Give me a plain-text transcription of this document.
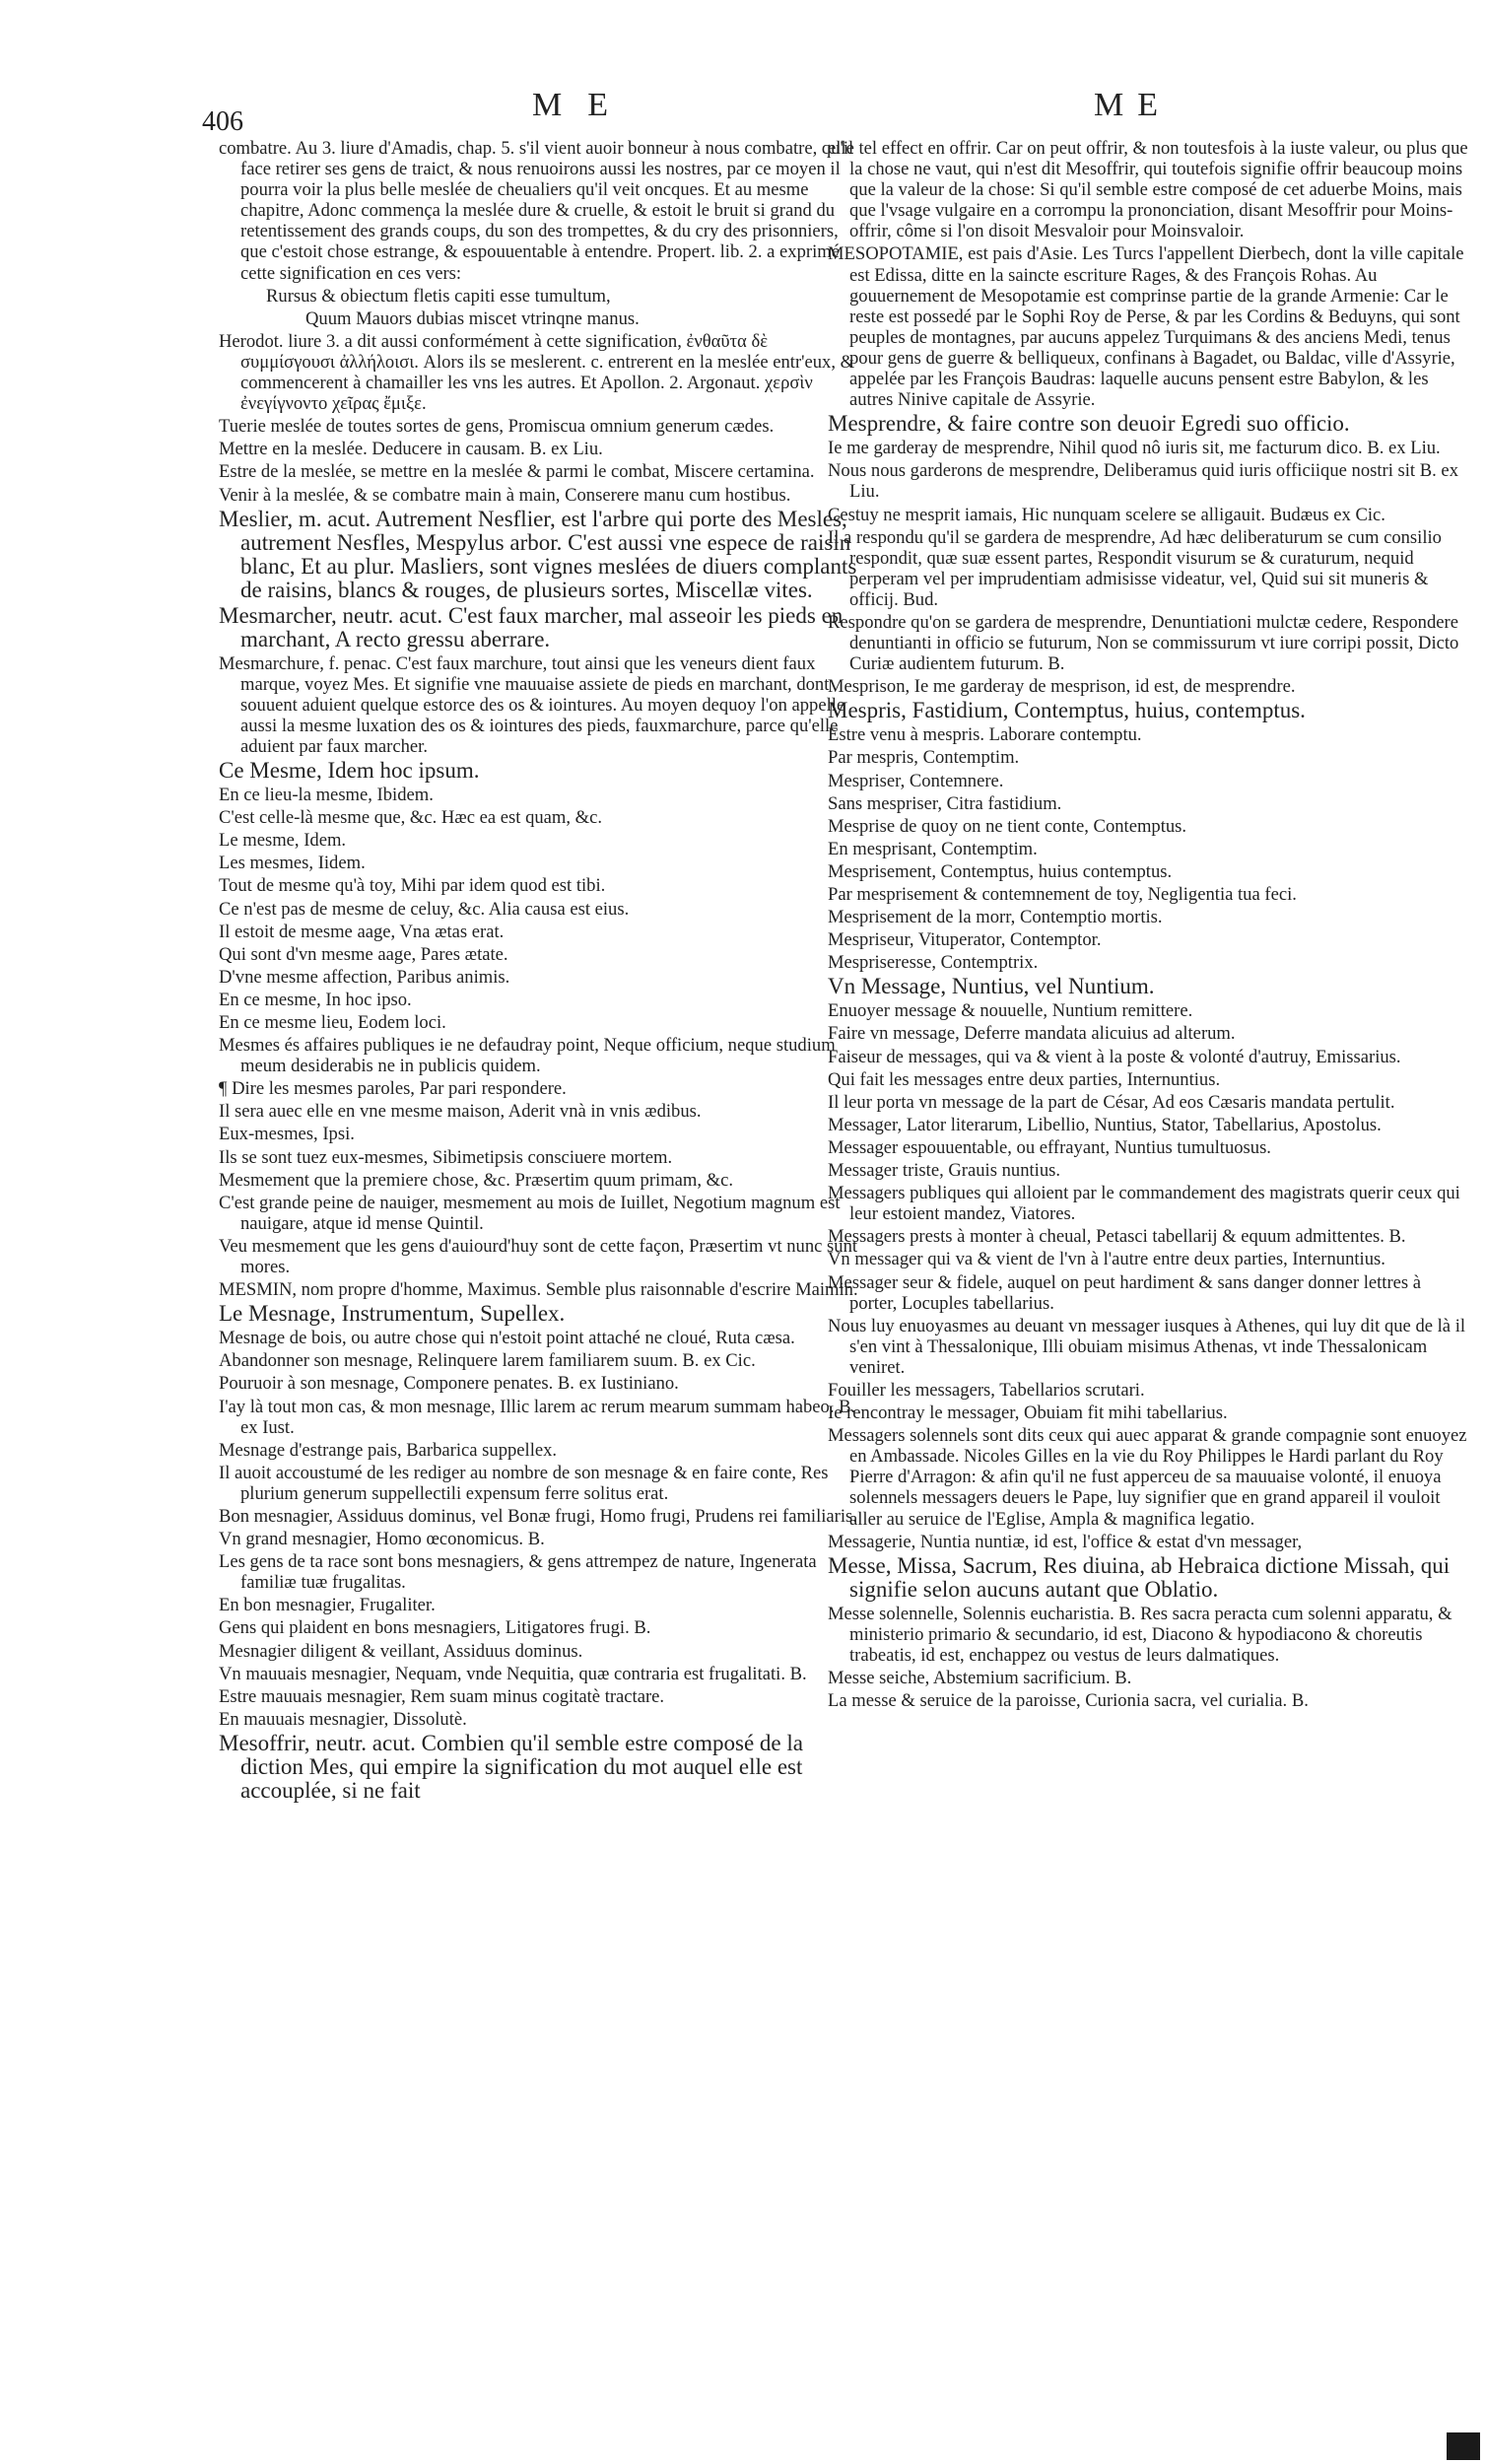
406	ME	ME

combatre. Au 3. liure d'Amadis, chap. 5. s'il vient auoir bonneur à nous combatre, qu'il face retirer ses gens de traict, & nous renuoirons aussi les nostres, par ce moyen il pourra voir la plus belle meslée de cheualiers qu'il veit oncques. Et au mesme chapitre, Adonc commença la meslée dure & cruelle, & estoit le bruit si grand du retentissement des grands coups, du son des trompettes, & du cry des prisonniers, que c'estoit chose estrange, & espouuentable à entendre. Propert. lib. 2. a exprimé cette signification en ces vers:

Rursus & obiectum fletis capiti esse tumultum,

Quum Mauors dubias miscet vtrinqne manus.

Herodot. liure 3. a dit aussi conformément à cette signification, ἐνθαῦτα δὲ συμμίσγουσι ἀλλήλοισι. Alors ils se meslerent. c. entrerent en la meslée entr'eux, & commencerent à chamailler les vns les autres. Et Apollon. 2. Argonaut. χερσὶν ἐνεγίγνοντο χεῖρας ἔμιξε.

Tuerie meslée de toutes sortes de gens, Promiscua omnium generum cædes.

Mettre en la meslée. Deducere in causam. B. ex Liu.

Estre de la meslée, se mettre en la meslée & parmi le combat, Miscere certamina.

Venir à la meslée, & se combatre main à main, Conserere manu cum hostibus.

Meslier, m. acut. Autrement Nesflier, est l'arbre qui porte des Mesles, autrement Nesfles, Mespylus arbor. C'est aussi vne espece de raisin blanc, Et au plur. Masliers, sont vignes meslées de diuers complants de raisins, blancs & rouges, de plusieurs sortes, Miscellæ vites.

Mesmarcher, neutr. acut. C'est faux marcher, mal asseoir les pieds en marchant, A recto gressu aberrare.

Mesmarchure, f. penac. C'est faux marchure, tout ainsi que les veneurs dient faux marque, voyez Mes. Et signifie vne mauuaise assiete de pieds en marchant, dont souuent aduient quelque estorce des os & iointures. Au moyen dequoy l'on appelle aussi la mesme luxation des os & iointures des pieds, fauxmarchure, parce qu'elle aduient par faux marcher.

Ce Mesme, Idem hoc ipsum.

En ce lieu-la mesme, Ibidem.

C'est celle-là mesme que, &c. Hæc ea est quam, &c.

Le mesme, Idem.

Les mesmes, Iidem.

Tout de mesme qu'à toy, Mihi par idem quod est tibi.

Ce n'est pas de mesme de celuy, &c. Alia causa est eius.

Il estoit de mesme aage, Vna ætas erat.

Qui sont d'vn mesme aage, Pares ætate.

D'vne mesme affection, Paribus animis.

En ce mesme, In hoc ipso.

En ce mesme lieu, Eodem loci.

Mesmes és affaires publiques ie ne defaudray point, Neque officium, neque studium meum desiderabis ne in publicis quidem.

¶ Dire les mesmes paroles, Par pari respondere.

Il sera auec elle en vne mesme maison, Aderit vnà in vnis ædibus.

Eux-mesmes, Ipsi.

Ils se sont tuez eux-mesmes, Sibimetipsis consciuere mortem.

Mesmement que la premiere chose, &c. Præsertim quum primam, &c.

C'est grande peine de nauiger, mesmement au mois de Iuillet, Negotium magnum est nauigare, atque id mense Quintil.

Veu mesmement que les gens d'auiourd'huy sont de cette façon, Præsertim vt nunc sunt mores.

MESMIN, nom propre d'homme, Maximus. Semble plus raisonnable d'escrire Maimin.

Le Mesnage, Instrumentum, Supellex.

Mesnage de bois, ou autre chose qui n'estoit point attaché ne cloué, Ruta cæsa.

Abandonner son mesnage, Relinquere larem familiarem suum. B. ex Cic.

Pouruoir à son mesnage, Componere penates. B. ex Iustiniano.

I'ay là tout mon cas, & mon mesnage, Illic larem ac rerum mearum summam habeo. B. ex Iust.

Mesnage d'estrange pais, Barbarica suppellex.

Il auoit accoustumé de les rediger au nombre de son mesnage & en faire conte, Res plurium generum suppellectili expensum ferre solitus erat.

Bon mesnagier, Assiduus dominus, vel Bonæ frugi, Homo frugi, Prudens rei familiaris.

Vn grand mesnagier, Homo œconomicus. B.

Les gens de ta race sont bons mesnagiers, & gens attrempez de nature, Ingenerata familiæ tuæ frugalitas.

En bon mesnagier, Frugaliter.

Gens qui plaident en bons mesnagiers, Litigatores frugi. B.

Mesnagier diligent & veillant, Assiduus dominus.

Vn mauuais mesnagier, Nequam, vnde Nequitia, quæ contraria est frugalitati. B.

Estre mauuais mesnagier, Rem suam minus cogitatè tractare.

En mauuais mesnagier, Dissolutè.

Mesoffrir, neutr. acut. Combien qu'il semble estre composé de la diction Mes, qui empire la signification du mot auquel elle est accouplée, si ne fait

elle tel effect en offrir. Car on peut offrir, & non toutesfois à la iuste valeur, ou plus que la chose ne vaut, qui n'est dit Mesoffrir, qui toutefois signifie offrir beaucoup moins que la valeur de la chose: Si qu'il semble estre composé de cet aduerbe Moins, mais que l'vsage vulgaire en a corrompu la prononciation, disant Mesoffrir pour Moins-offrir, côme si l'on disoit Mesvaloir pour Moinsvaloir.

MESOPOTAMIE, est pais d'Asie. Les Turcs l'appellent Dierbech, dont la ville capitale est Edissa, ditte en la saincte escriture Rages, & des François Rohas. Au gouuernement de Mesopotamie est comprinse partie de la grande Armenie: Car le reste est possedé par le Sophi Roy de Perse, & par les Cordins & Beduyns, qui sont peuples de montagnes, par aucuns appelez Turquimans & des anciens Medi, tenus pour gens de guerre & belliqueux, confinans à Bagadet, ou Baldac, ville d'Assyrie, appelée par les François Baudras: laquelle aucuns pensent estre Babylon, & les autres Ninive capitale de Assyrie.

Mesprendre, & faire contre son deuoir Egredi suo officio.

Ie me garderay de mesprendre, Nihil quod nô iuris sit, me facturum dico. B. ex Liu.

Nous nous garderons de mesprendre, Deliberamus quid iuris officiique nostri sit B. ex Liu.

Cestuy ne mesprit iamais, Hic nunquam scelere se alligauit. Budæus ex Cic.

Il a respondu qu'il se gardera de mesprendre, Ad hæc deliberaturum se cum consilio respondit, quæ suæ essent partes, Respondit visurum se & curaturum, nequid perperam vel per imprudentiam admisisse videatur, vel, Quid sui sit muneris & officij. Bud.

Respondre qu'on se gardera de mesprendre, Denuntiationi mulctæ cedere, Respondere denuntianti in officio se futurum, Non se commissurum vt iure corripi possit, Dicto Curiæ audientem futurum. B.

Mesprison, Ie me garderay de mesprison, id est, de mesprendre.

Mespris, Fastidium, Contemptus, huius, contemptus.

Estre venu à mespris. Laborare contemptu.

Par mespris, Contemptim.

Mespriser, Contemnere.

Sans mespriser, Citra fastidium.

Mesprise de quoy on ne tient conte, Contemptus.

En mesprisant, Contemptim.

Mesprisement, Contemptus, huius contemptus.

Par mesprisement & contemnement de toy, Negligentia tua feci.

Mesprisement de la morr, Contemptio mortis.

Mespriseur, Vituperator, Contemptor.

Mespriseresse, Contemptrix.

Vn Message, Nuntius, vel Nuntium.

Enuoyer message & nouuelle, Nuntium remittere.

Faire vn message, Deferre mandata alicuius ad alterum.

Faiseur de messages, qui va & vient à la poste & volonté d'autruy, Emissarius.

Qui fait les messages entre deux parties, Internuntius.

Il leur porta vn message de la part de César, Ad eos Cæsaris mandata pertulit.

Messager, Lator literarum, Libellio, Nuntius, Stator, Tabellarius, Apostolus.

Messager espouuentable, ou effrayant, Nuntius tumultuosus.

Messager triste, Grauis nuntius.

Messagers publiques qui alloient par le commandement des magistrats querir ceux qui leur estoient mandez, Viatores.

Messagers prests à monter à cheual, Petasci tabellarij & equum admittentes. B.

Vn messager qui va & vient de l'vn à l'autre entre deux parties, Internuntius.

Messager seur & fidele, auquel on peut hardiment & sans danger donner lettres à porter, Locuples tabellarius.

Nous luy enuoyasmes au deuant vn messager iusques à Athenes, qui luy dit que de là il s'en vint à Thessalonique, Illi obuiam misimus Athenas, vt inde Thessalonicam veniret.

Fouiller les messagers, Tabellarios scrutari.

Ie rencontray le messager, Obuiam fit mihi tabellarius.

Messagers solennels sont dits ceux qui auec apparat & grande compagnie sont enuoyez en Ambassade. Nicoles Gilles en la vie du Roy Philippes le Hardi parlant du Roy Pierre d'Arragon: & afin qu'il ne fust apperceu de sa mauuaise volonté, il enuoya solennels messagers deuers le Pape, luy signifier que en grand appareil il vouloit aller au seruice de l'Eglise, Ampla & magnifica legatio.

Messagerie, Nuntia nuntiæ, id est, l'office & estat d'vn messager,

Messe, Missa, Sacrum, Res diuina, ab Hebraica dictione Missah, qui signifie selon aucuns autant que Oblatio.

Messe solennelle, Solennis eucharistia. B. Res sacra peracta cum solenni apparatu, & ministerio primario & secundario, id est, Diacono & hypodiacono & choreutis trabeatis, id est, enchappez ou vestus de leurs dalmatiques.

Messe seiche, Abstemium sacrificium. B.

La messe & seruice de la paroisse, Curionia sacra, vel curialia. B.
